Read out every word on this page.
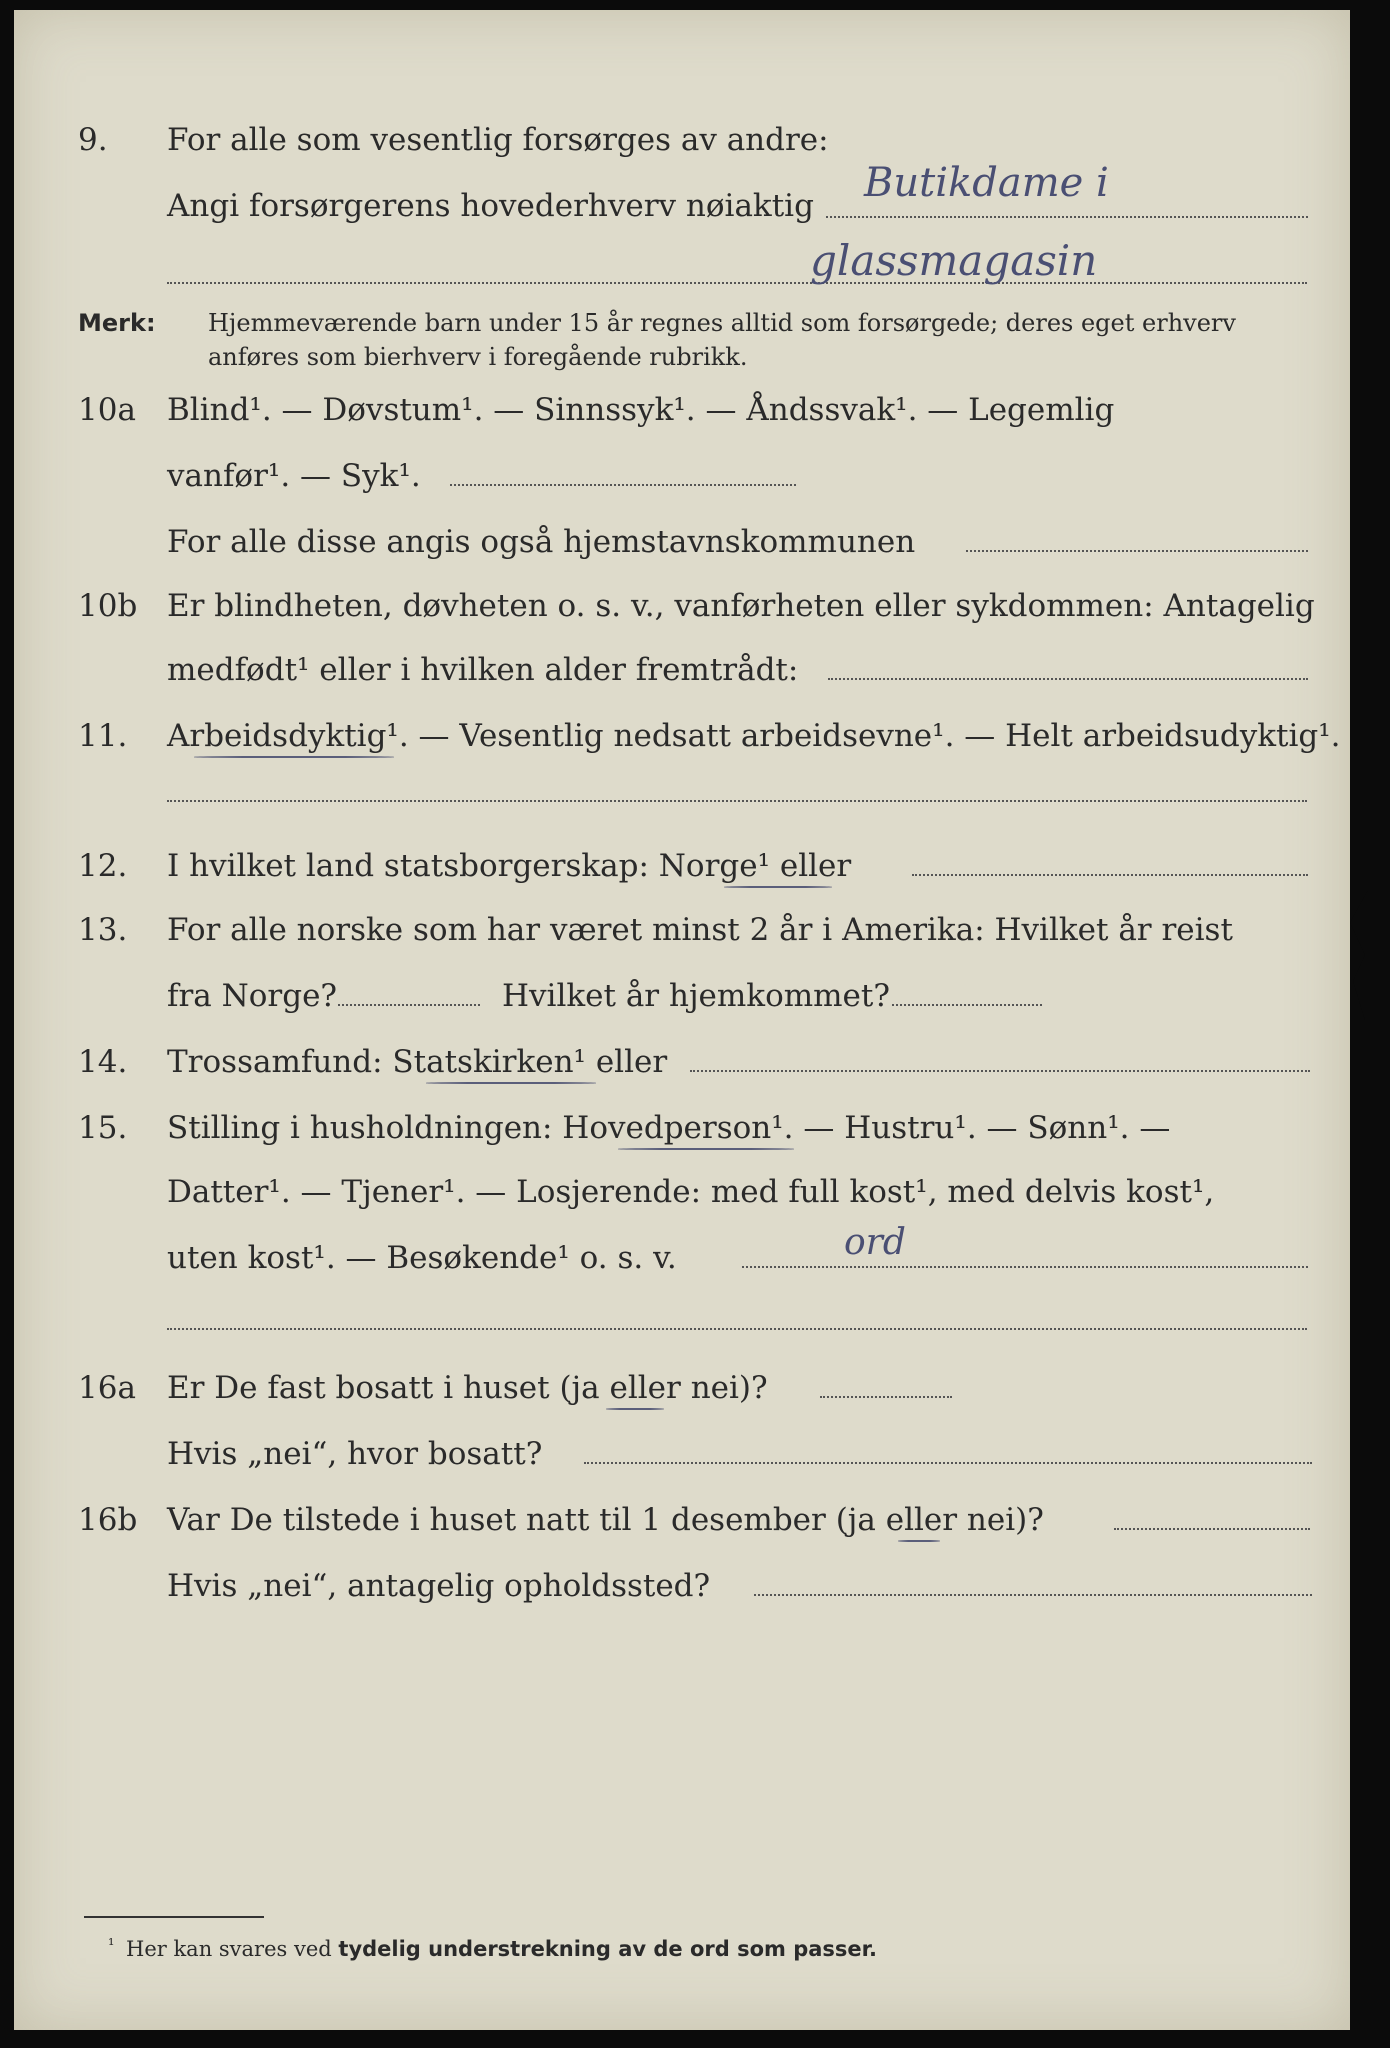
9. For alle som vesentlig forsørges av andre:
Angi forsørgerens hovederhverv nøiaktig Butikdame i
glassmagasin
Merk: Hjemmeværende barn under 15 år regnes alltid som forsørgede; deres eget erhverv
anføres som bierhverv i foregående rubrikk.
10a Blind¹. — Døvstum¹. — Sinnssyk¹. — Åndssvak¹. — Legemlig
vanfør¹. — Syk¹.
For alle disse angis også hjemstavnskommunen
10b Er blindheten, døvheten o. s. v., vanførheten eller sykdommen: Antagelig
medfødt¹ eller i hvilken alder fremtrådt:
11. Arbeidsdyktig¹. — Vesentlig nedsatt arbeidsevne¹. — Helt arbeidsudyktig¹.
12. I hvilket land statsborgerskap: Norge¹ eller
13. For alle norske som har været minst 2 år i Amerika: Hvilket år reist
fra Norge?	Hvilket år hjemkommet?
14. Trossamfund: Statskirken¹ eller
15. Stilling i husholdningen: Hovedperson¹. — Hustru¹. — Sønn¹. —
Datter¹. — Tjener¹. — Losjerende: med full kost¹, med delvis kost¹,
uten kost¹. — Besøkende¹ o. s. v.	ord
16a Er De fast bosatt i huset (ja eller nei)?
Hvis „nei“, hvor bosatt?
16b Var De tilstede i huset natt til 1 desember (ja eller nei)?
Hvis „nei“, antagelig opholdssted?
¹ Her kan svares ved tydelig understrekning av de ord som passer.
